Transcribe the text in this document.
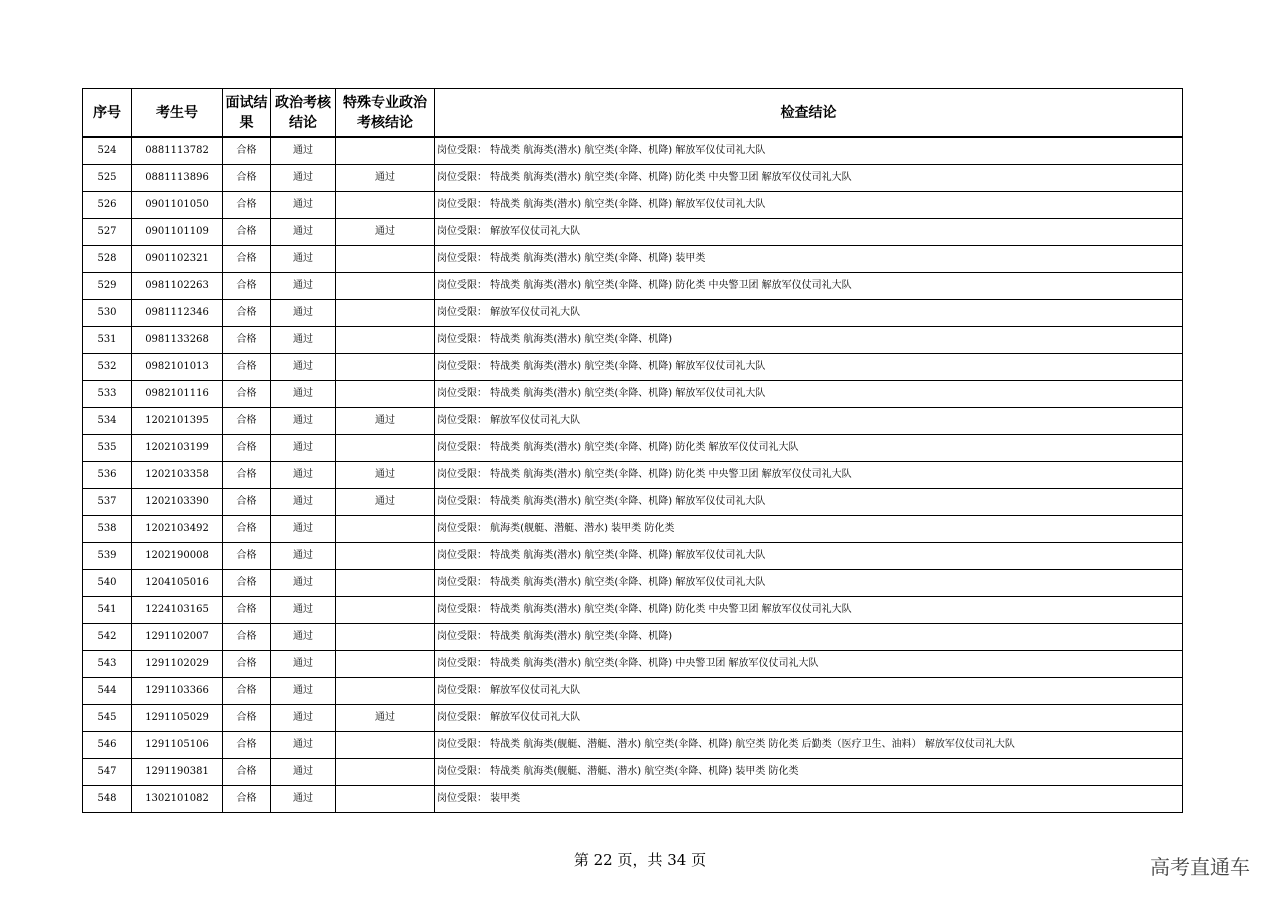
序号	考生号	面试结果	政治考核结论	特殊专业政治考核结论	检查结论
524	0881113782	合格	通过		岗位受限： 特战类 航海类(潜水) 航空类(伞降、机降) 解放军仪仗司礼大队
525	0881113896	合格	通过	通过	岗位受限： 特战类 航海类(潜水) 航空类(伞降、机降) 防化类 中央警卫团 解放军仪仗司礼大队
526	0901101050	合格	通过		岗位受限： 特战类 航海类(潜水) 航空类(伞降、机降) 解放军仪仗司礼大队
527	0901101109	合格	通过	通过	岗位受限： 解放军仪仗司礼大队
528	0901102321	合格	通过		岗位受限： 特战类 航海类(潜水) 航空类(伞降、机降) 装甲类
529	0981102263	合格	通过		岗位受限： 特战类 航海类(潜水) 航空类(伞降、机降) 防化类 中央警卫团 解放军仪仗司礼大队
530	0981112346	合格	通过		岗位受限： 解放军仪仗司礼大队
531	0981133268	合格	通过		岗位受限： 特战类 航海类(潜水) 航空类(伞降、机降)
532	0982101013	合格	通过		岗位受限： 特战类 航海类(潜水) 航空类(伞降、机降) 解放军仪仗司礼大队
533	0982101116	合格	通过		岗位受限： 特战类 航海类(潜水) 航空类(伞降、机降) 解放军仪仗司礼大队
534	1202101395	合格	通过	通过	岗位受限： 解放军仪仗司礼大队
535	1202103199	合格	通过		岗位受限： 特战类 航海类(潜水) 航空类(伞降、机降) 防化类 解放军仪仗司礼大队
536	1202103358	合格	通过	通过	岗位受限： 特战类 航海类(潜水) 航空类(伞降、机降) 防化类 中央警卫团 解放军仪仗司礼大队
537	1202103390	合格	通过	通过	岗位受限： 特战类 航海类(潜水) 航空类(伞降、机降) 解放军仪仗司礼大队
538	1202103492	合格	通过		岗位受限： 航海类(舰艇、潜艇、潜水) 装甲类 防化类
539	1202190008	合格	通过		岗位受限： 特战类 航海类(潜水) 航空类(伞降、机降) 解放军仪仗司礼大队
540	1204105016	合格	通过		岗位受限： 特战类 航海类(潜水) 航空类(伞降、机降) 解放军仪仗司礼大队
541	1224103165	合格	通过		岗位受限： 特战类 航海类(潜水) 航空类(伞降、机降) 防化类 中央警卫团 解放军仪仗司礼大队
542	1291102007	合格	通过		岗位受限： 特战类 航海类(潜水) 航空类(伞降、机降)
543	1291102029	合格	通过		岗位受限： 特战类 航海类(潜水) 航空类(伞降、机降) 中央警卫团 解放军仪仗司礼大队
544	1291103366	合格	通过		岗位受限： 解放军仪仗司礼大队
545	1291105029	合格	通过	通过	岗位受限： 解放军仪仗司礼大队
546	1291105106	合格	通过		岗位受限： 特战类 航海类(舰艇、潜艇、潜水) 航空类(伞降、机降) 航空类 防化类 后勤类（医疗卫生、油料） 解放军仪仗司礼大队
547	1291190381	合格	通过		岗位受限： 特战类 航海类(舰艇、潜艇、潜水) 航空类(伞降、机降) 装甲类 防化类
548	1302101082	合格	通过		岗位受限： 装甲类
第 22 页，共 34 页	高考直通车
